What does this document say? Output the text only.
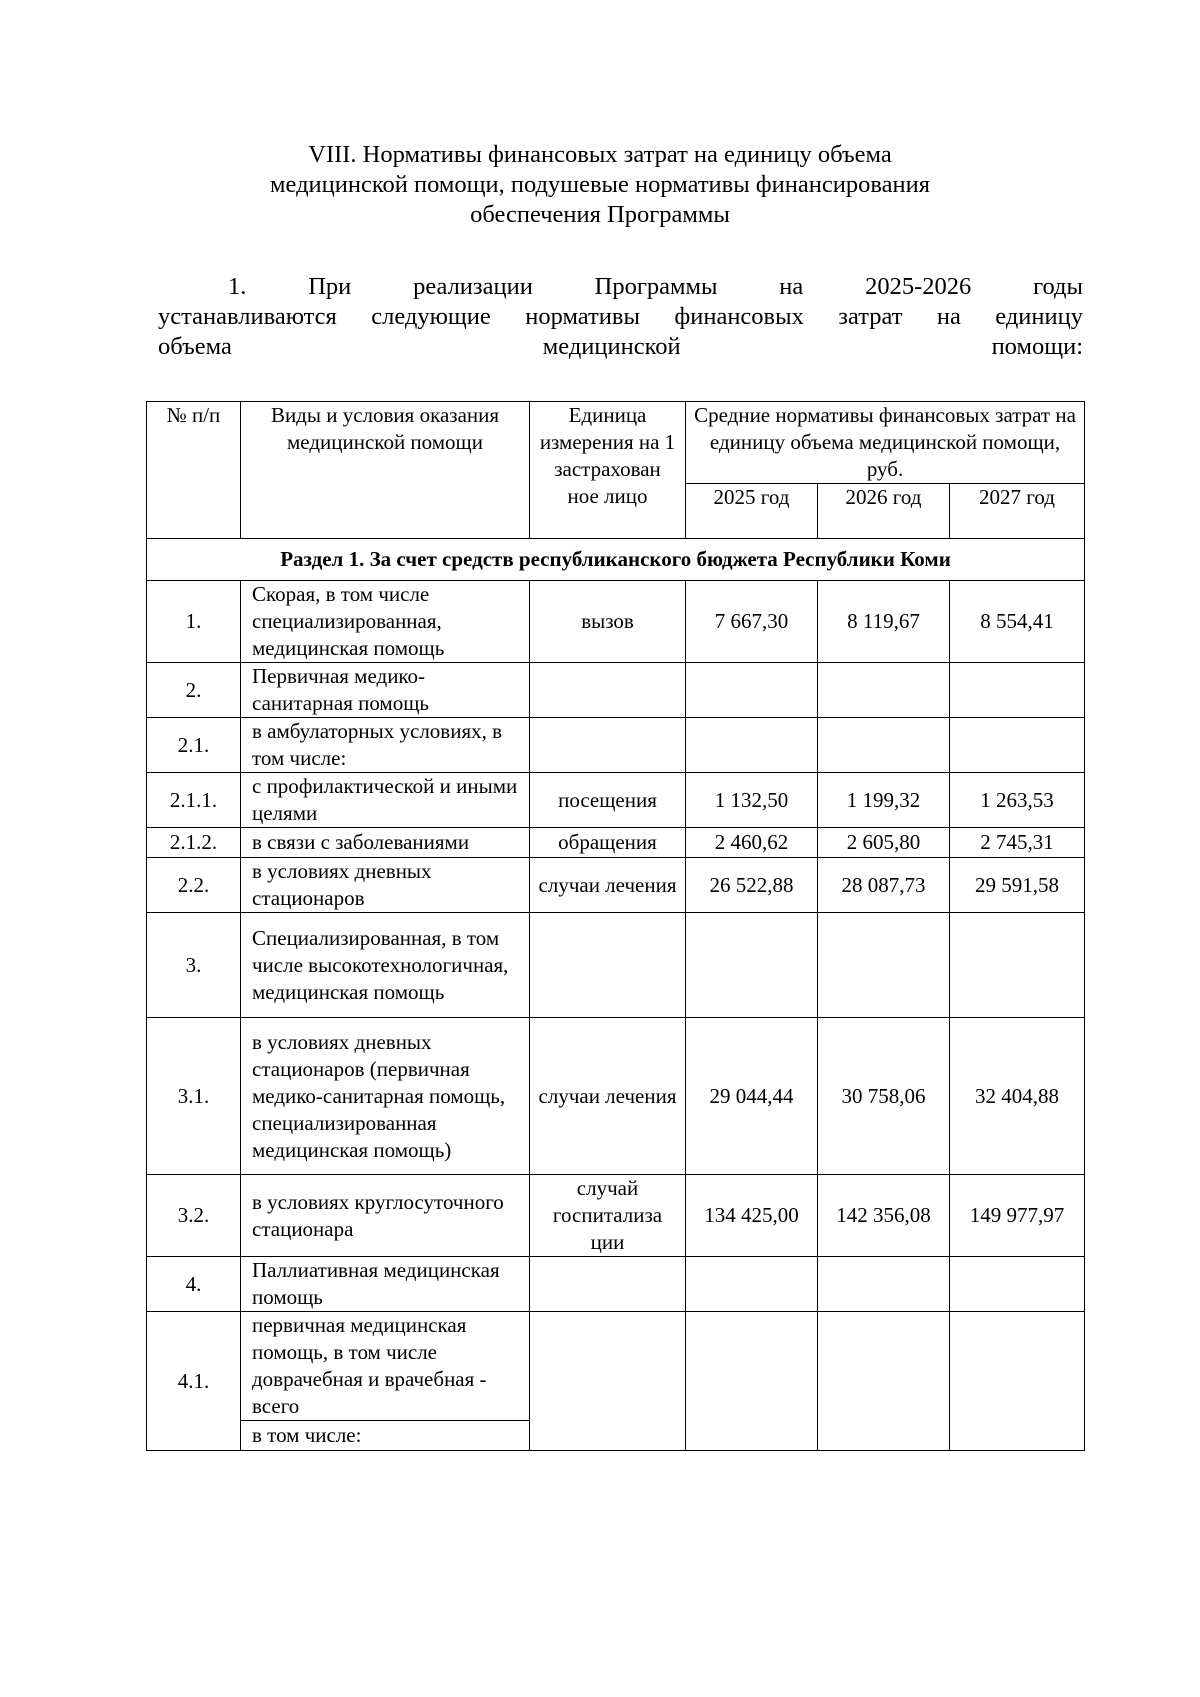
VIII. Нормативы финансовых затрат на единицу объема
медицинской помощи, подушевые нормативы финансирования
обеспечения Программы
1.	При	реализации	Программы	на	2025-2026	годы
устанавливаются следующие нормативы финансовых затрат на единицу
объема медицинской помощи:
№ п/п	Виды и условия оказания медицинской помощи	Единица измерения на 1 застрахован ное лицо	Средние нормативы финансовых затрат на единицу объема медицинской помощи, руб.		
			2025 год	2026 год	2027 год
Раздел 1. За счет средств республиканского бюджета Республики Коми					
1.	Скорая, в том числе специализированная, медицинская помощь	вызов	7 667,30	8 119,67	8 554,41
2.	Первичная медико-санитарная помощь				
2.1.	в амбулаторных условиях, в том числе:				
2.1.1.	с профилактической и иными целями	посещения	1 132,50	1 199,32	1 263,53
2.1.2.	в связи с заболеваниями	обращения	2 460,62	2 605,80	2 745,31
2.2.	в условиях дневных стационаров	случаи лечения	26 522,88	28 087,73	29 591,58
3.	Специализированная, в том числе высокотехнологичная, медицинская помощь				
3.1.	в условиях дневных стационаров (первичная медико-санитарная помощь, специализированная медицинская помощь)	случаи лечения	29 044,44	30 758,06	32 404,88
3.2.	в условиях круглосуточного стационара	случай госпитализа ции	134 425,00	142 356,08	149 977,97
4.	Паллиативная медицинская помощь				
4.1.	первичная медицинская помощь, в том числе доврачебная и врачебная - всего				
	в том числе:				
